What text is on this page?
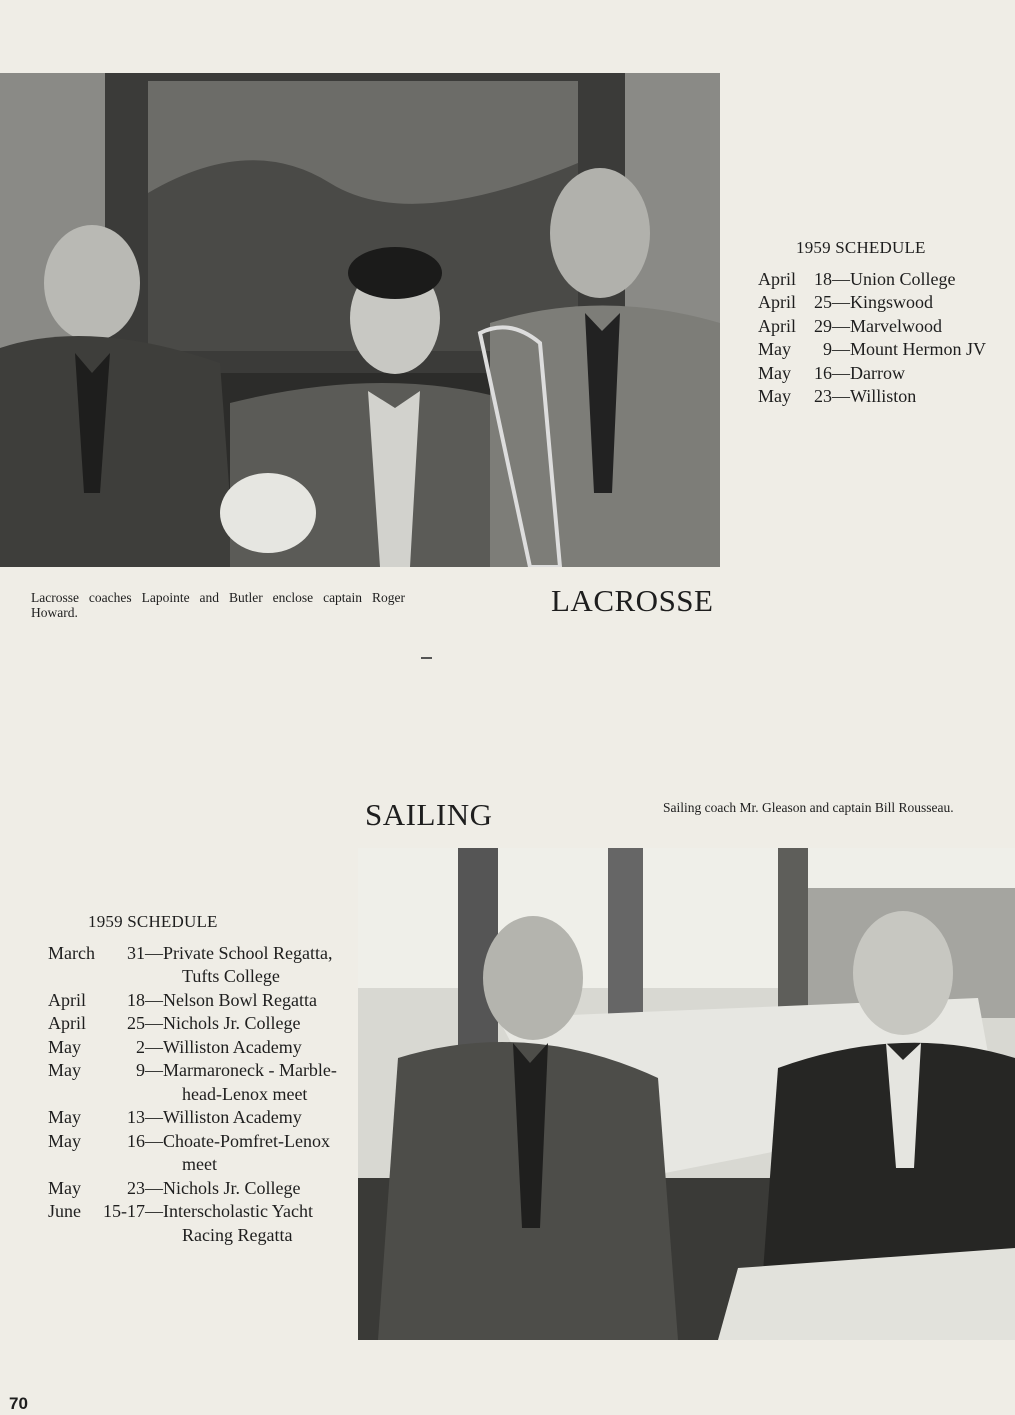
1959 SCHEDULE
April	18 — Union College
April	25 — Kingswood
April	29 — Marvelwood
May	9 — Mount Hermon JV
May	16 — Darrow
May	23 — Williston
Lacrosse coaches Lapointe and Butler enclose captain Roger Howard.	LACROSSE
SAILING	Sailing coach Mr. Gleason and captain Bill Rousseau.
1959 SCHEDULE
March	31 — Private School Regatta,
Tufts College
April	18 — Nelson Bowl Regatta
April	25 — Nichols Jr. College
May	2 — Williston Academy
May	9 — Marmaroneck - Marble-
head-Lenox meet
May	13 — Williston Academy
May	16 — Choate-Pomfret-Lenox
meet
May	23 — Nichols Jr. College
June	15-17 — Interscholastic Yacht
Racing Regatta
70
